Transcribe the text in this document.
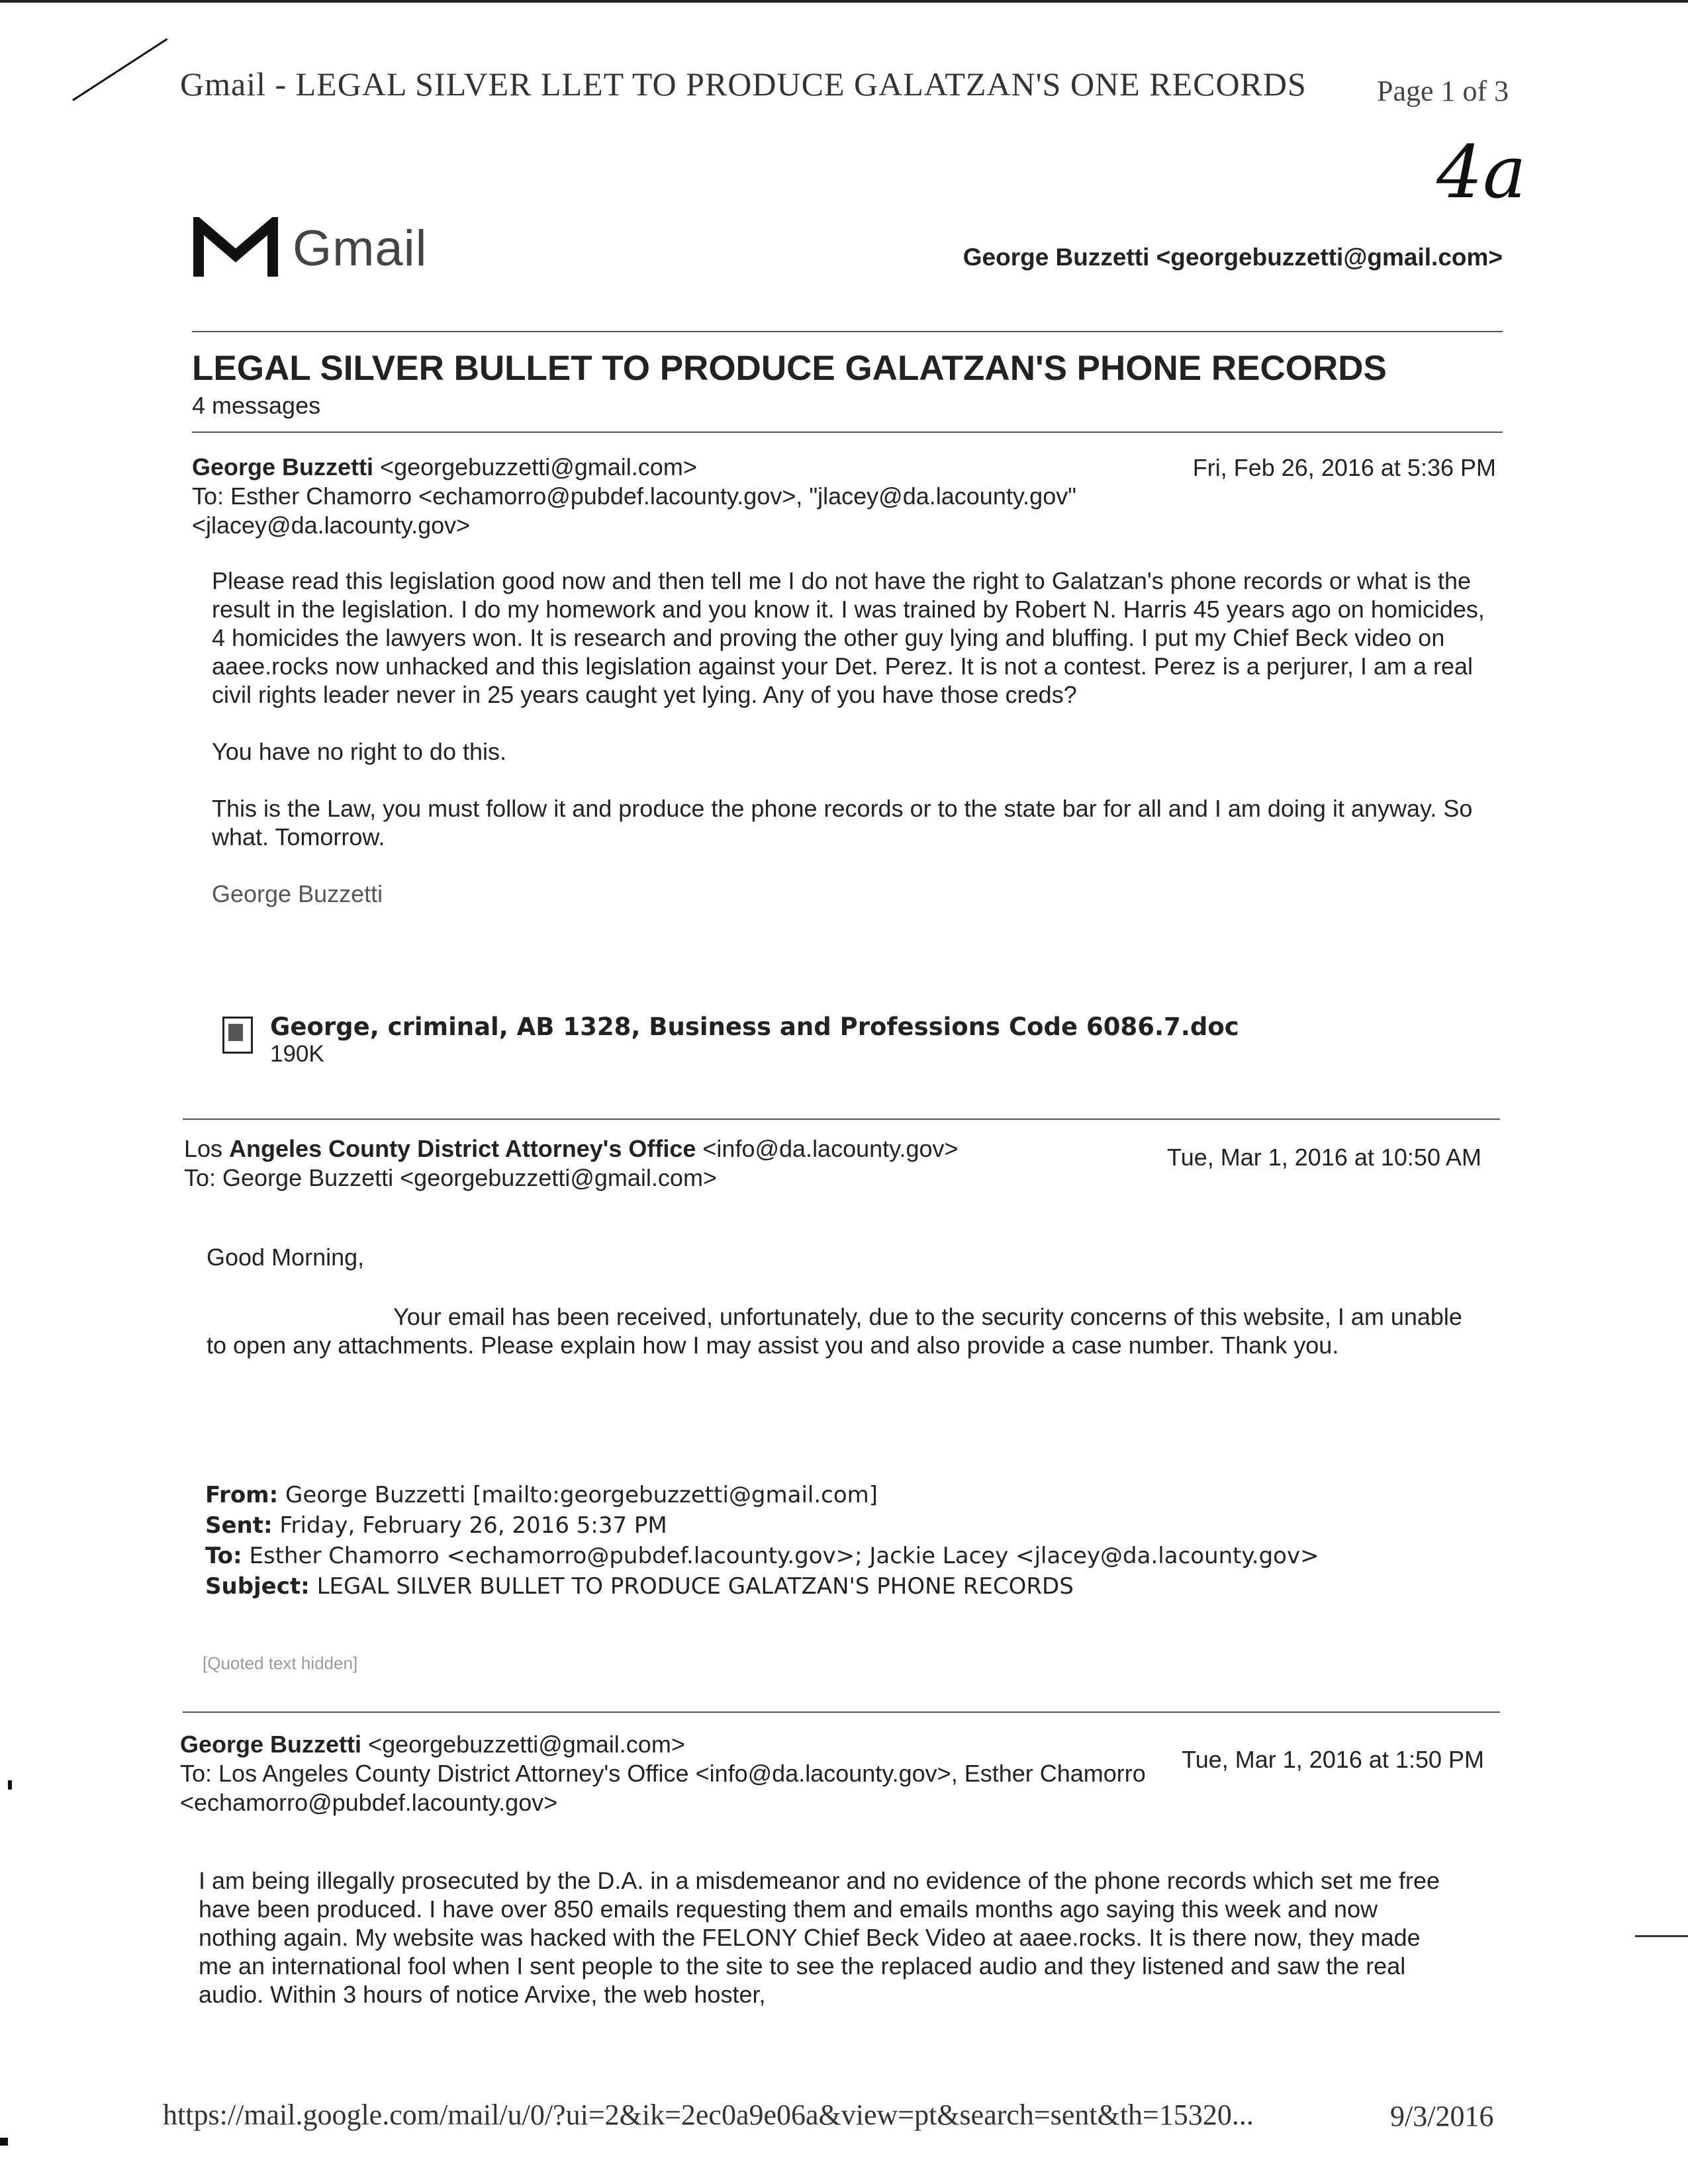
Gmail - LEGAL SILVER LLET TO PRODUCE GALATZAN'S ONE RECORDS Page 1 of 3
4a
Gmail	George Buzzetti <georgebuzzetti@gmail.com>
LEGAL SILVER BULLET TO PRODUCE GALATZAN'S PHONE RECORDS
4 messages
George Buzzetti <georgebuzzetti@gmail.com>	Fri, Feb 26, 2016 at 5:36 PM
To: Esther Chamorro <echamorro@pubdef.lacounty.gov>, "jlacey@da.lacounty.gov"
<jlacey@da.lacounty.gov>

Please read this legislation good now and then tell me I do not have the right to Galatzan's phone records or what is the result in the legislation. I do my homework and you know it. I was trained by Robert N. Harris 45 years ago on homicides, 4 homicides the lawyers won. It is research and proving the other guy lying and bluffing. I put my Chief Beck video on aaee.rocks now unhacked and this legislation against your Det. Perez. It is not a contest. Perez is a perjurer, I am a real civil rights leader never in 25 years caught yet lying. Any of you have those creds?

You have no right to do this.

This is the Law, you must follow it and produce the phone records or to the state bar for all and I am doing it anyway. So what. Tomorrow.

George Buzzetti

George, criminal, AB 1328, Business and Professions Code 6086.7.doc
190K
Los Angeles County District Attorney's Office <info@da.lacounty.gov>	Tue, Mar 1, 2016 at 10:50 AM
To: George Buzzetti <georgebuzzetti@gmail.com>
Good Morning,
Your email has been received, unfortunately, due to the security concerns of this website, I am unable to open any attachments. Please explain how I may assist you and also provide a case number. Thank you.
From: George Buzzetti [mailto:georgebuzzetti@gmail.com]
Sent: Friday, February 26, 2016 5:37 PM
To: Esther Chamorro <echamorro@pubdef.lacounty.gov>; Jackie Lacey <jlacey@da.lacounty.gov>
Subject: LEGAL SILVER BULLET TO PRODUCE GALATZAN'S PHONE RECORDS
[Quoted text hidden]
George Buzzetti <georgebuzzetti@gmail.com>
Tue, Mar 1, 2016 at 1:50 PM
To: Los Angeles County District Attorney's Office <info@da.lacounty.gov>, Esther Chamorro
<echamorro@pubdef.lacounty.gov>
I am being illegally prosecuted by the D.A. in a misdemeanor and no evidence of the phone records which set me free have been produced. I have over 850 emails requesting them and emails months ago saying this week and now nothing again. My website was hacked with the FELONY Chief Beck Video at aaee.rocks. It is there now, they made me an international fool when I sent people to the site to see the replaced audio and they listened and saw the real audio. Within 3 hours of notice Arvixe, the web hoster,
https://mail.google.com/mail/u/0/?ui=2&ik=2ec0a9e06a&view=pt&search=sent&th=15320...	9/3/2016
